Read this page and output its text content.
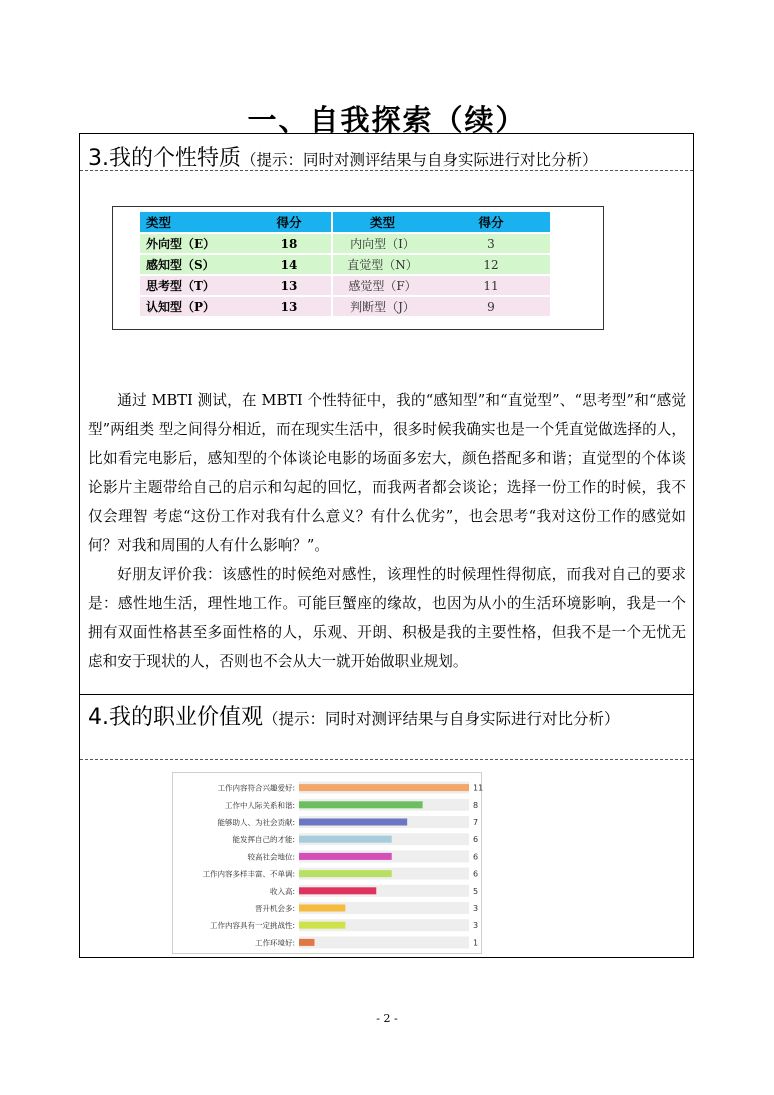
一、自我探索（续）
3.我的个性特质（提示：同时对测评结果与自身实际进行对比分析）
类型	得分	类型	得分
外向型（E）	18	内向型（I）	3
感知型（S）	14	直觉型（N）	12
思考型（T）	13	感觉型（F）	11
认知型（P）	13	判断型（J）	9

通过 MBTI 测试，在 MBTI 个性特征中，我的“感知型”和“直觉型”、“思考型”和“感觉型”两组类 型之间得分相近，而在现实生活中，很多时候我确实也是一个凭直觉做选择的人，比如看完电影后，感知型的个体谈论电影的场面多宏大，颜色搭配多和谐；直觉型的个体谈论影片主题带给自己的启示和勾起的回忆，而我两者都会谈论；选择一份工作的时候，我不仅会理智 考虑“这份工作对我有什么意义？有什么优劣”，也会思考“我对这份工作的感觉如何？对我和周围的人有什么影响？”。

好朋友评价我：该感性的时候绝对感性，该理性的时候理性得彻底，而我对自己的要求是：感性地生活，理性地工作。可能巨蟹座的缘故，也因为从小的生活环境影响，我是一个拥有双面性格甚至多面性格的人，乐观、开朗、积极是我的主要性格，但我不是一个无忧无虑和安于现状的人，否则也不会从大一就开始做职业规划。

4.我的职业价值观（提示：同时对测评结果与自身实际进行对比分析）
工作内容符合兴趣爱好:	11
工作中人际关系和谐:	8
能够助人、为社会贡献:	7
能发挥自己的才能:	6
较高社会地位:	6
工作内容多样丰富、不单调:	6
收入高:	5
晋升机会多:	3
工作内容具有一定挑战性:	3
工作环境好:	1
- 2 -
